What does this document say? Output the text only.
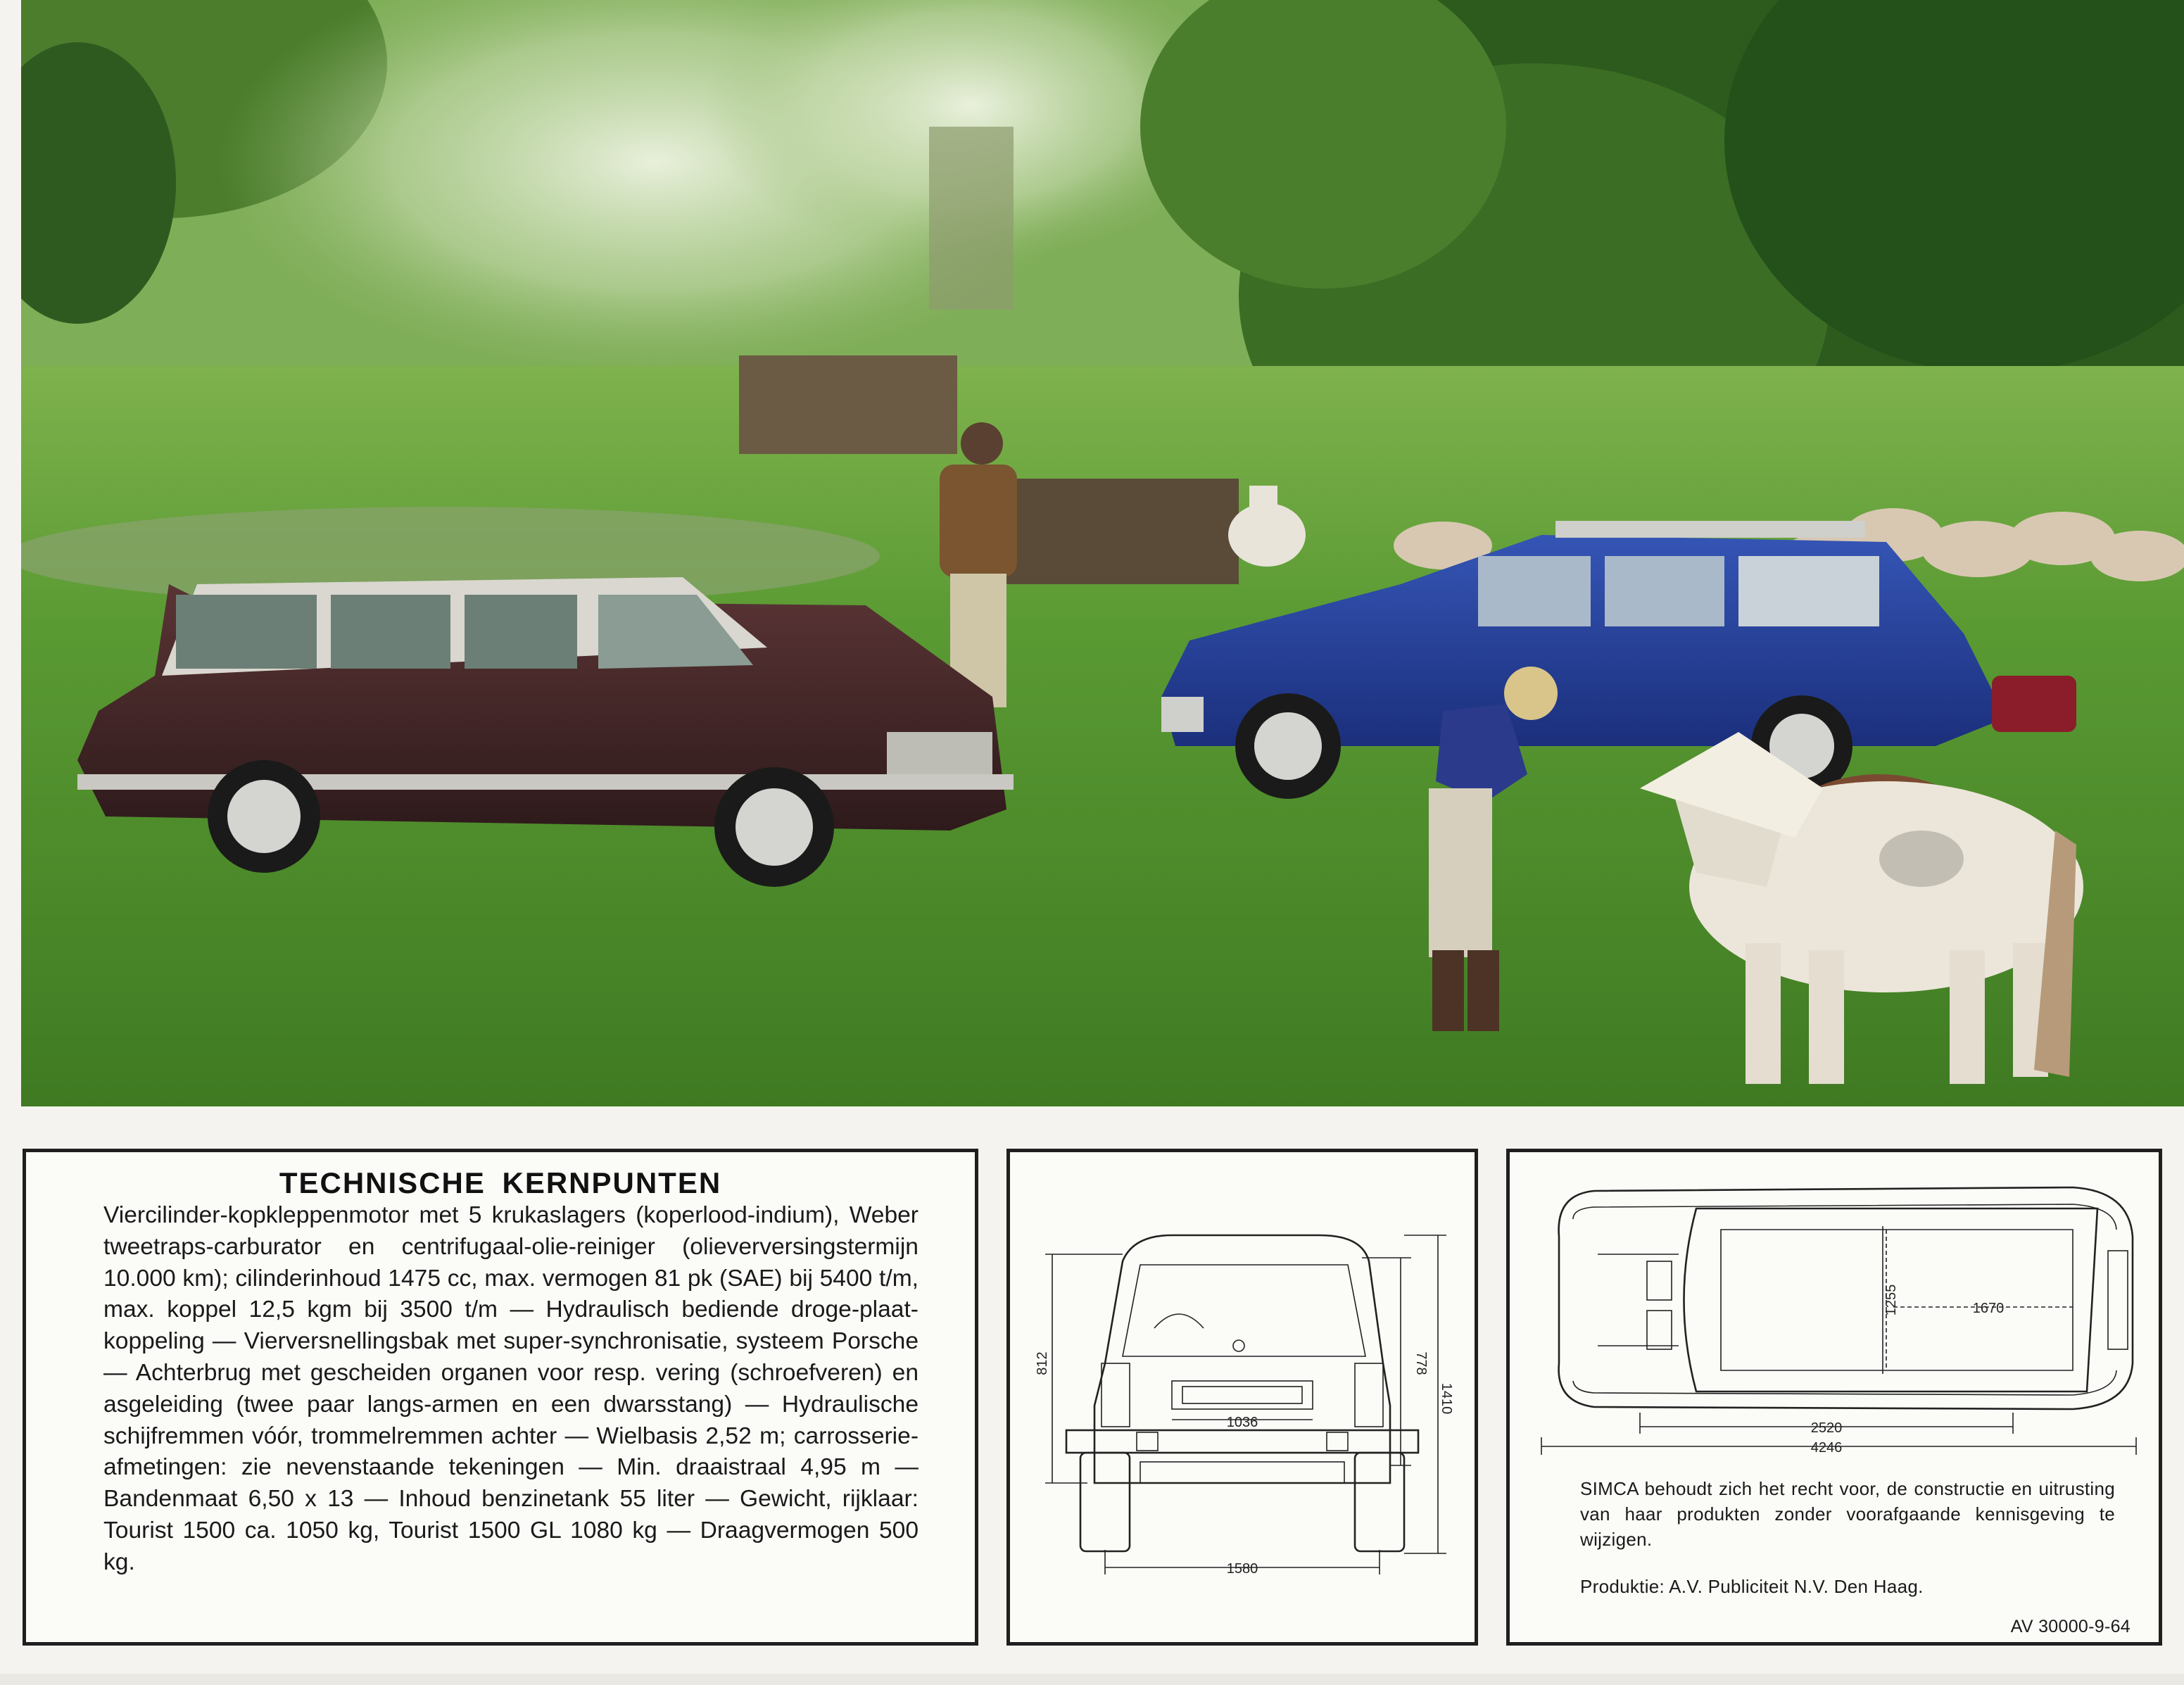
TECHNISCHE KERNPUNTEN

Viercilinder-kopkleppenmotor met 5 krukaslagers (koperlood-indium), Weber tweetraps-carburator en centrifugaal-olie-reiniger (olieverversingstermijn 10.000 km); cilinderinhoud 1475 cc, max. vermogen 81 pk (SAE) bij 5400 t/m, max. koppel 12,5 kgm bij 3500 t/m — Hydraulisch bediende droge-plaat-koppeling — Vierversnellingsbak met super-synchronisatie, systeem Porsche — Achterbrug met gescheiden organen voor resp. vering (schroefveren) en asgeleiding (twee paar langs-armen en een dwarsstang) — Hydraulische schijfremmen vóór, trommelremmen achter — Wielbasis 2,52 m; carrosserie-afmetingen: zie nevenstaande tekeningen — Min. draaistraal 4,95 m — Bandenmaat 6,50 x 13 — Inhoud benzinetank 55 liter — Gewicht, rijklaar: Tourist 1500 ca. 1050 kg, Tourist 1500 GL 1080 kg — Draagvermogen 500 kg.

812	778
1410
1036
1580
1255	1670
2520
4246
SIMCA behoudt zich het recht voor, de constructie en uitrusting van haar produkten zonder voorafgaande kennisgeving te wijzigen.
Produktie: A.V. Publiciteit N.V. Den Haag.
AV 30000-9-64
